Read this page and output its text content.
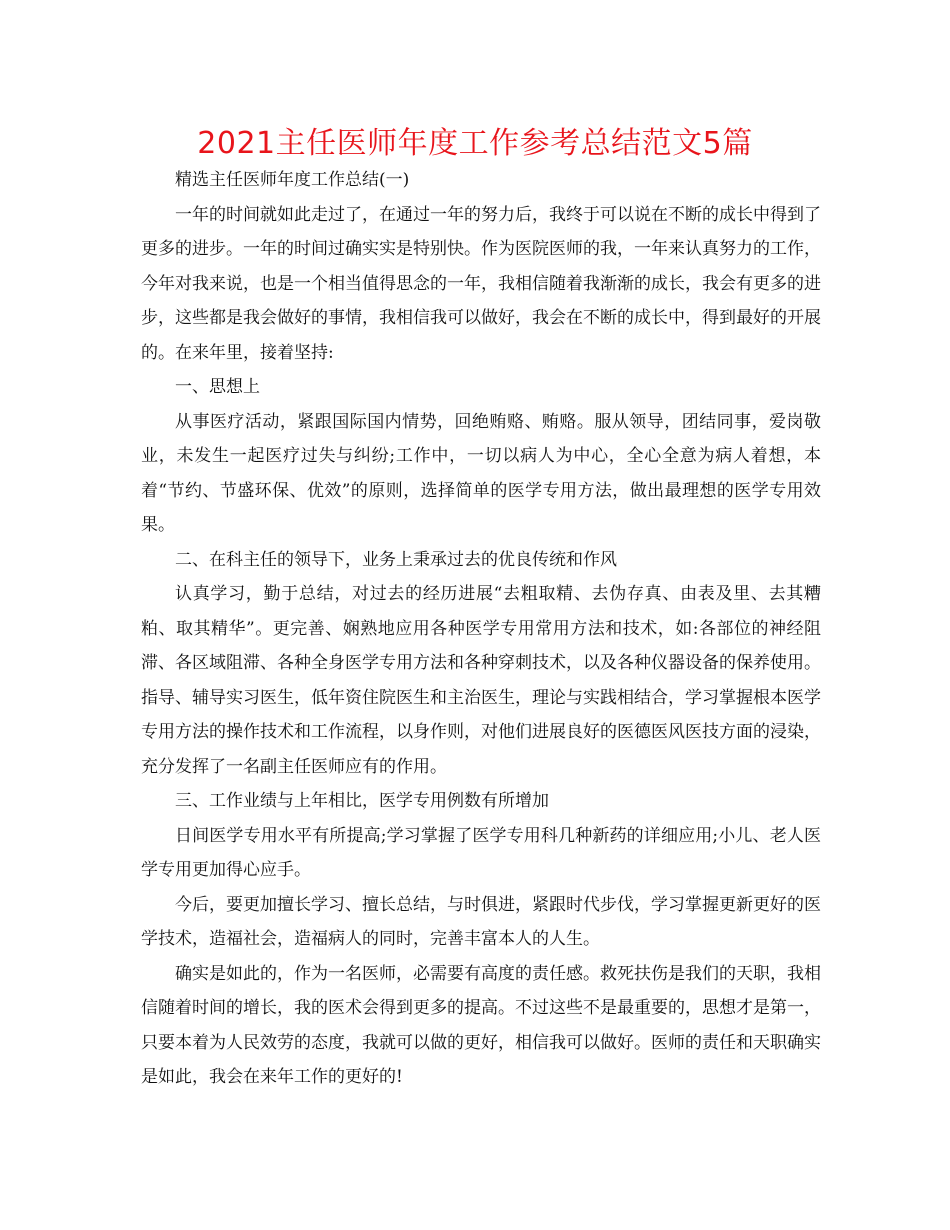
2021主任医师年度工作参考总结范文5篇

精选主任医师年度工作总结(一)

一年的时间就如此走过了，在通过一年的努力后，我终于可以说在不断的成长中得到了更多的进步。一年的时间过确实实是特别快。作为医院医师的我，一年来认真努力的工作，今年对我来说，也是一个相当值得思念的一年，我相信随着我渐渐的成长，我会有更多的进步，这些都是我会做好的事情，我相信我可以做好，我会在不断的成长中，得到最好的开展的。在来年里，接着坚持:

一、思想上

从事医疗活动，紧跟国际国内情势，回绝贿赂、贿赂。服从领导，团结同事，爱岗敬业，未发生一起医疗过失与纠纷;工作中，一切以病人为中心，全心全意为病人着想，本着“节约、节盛环保、优效”的原则，选择简单的医学专用方法，做出最理想的医学专用效果。

二、在科主任的领导下，业务上秉承过去的优良传统和作风

认真学习，勤于总结，对过去的经历进展“去粗取精、去伪存真、由表及里、去其糟粕、取其精华”。更完善、娴熟地应用各种医学专用常用方法和技术，如:各部位的神经阻滞、各区域阻滞、各种全身医学专用方法和各种穿刺技术，以及各种仪器设备的保养使用。指导、辅导实习医生，低年资住院医生和主治医生，理论与实践相结合，学习掌握根本医学专用方法的操作技术和工作流程，以身作则，对他们进展良好的医德医风医技方面的浸染，充分发挥了一名副主任医师应有的作用。

三、工作业绩与上年相比，医学专用例数有所增加

日间医学专用水平有所提高;学习掌握了医学专用科几种新药的详细应用;小儿、老人医学专用更加得心应手。

今后，要更加擅长学习、擅长总结，与时俱进，紧跟时代步伐，学习掌握更新更好的医学技术，造福社会，造福病人的同时，完善丰富本人的人生。

确实是如此的，作为一名医师，必需要有高度的责任感。救死扶伤是我们的天职，我相信随着时间的增长，我的医术会得到更多的提高。不过这些不是最重要的，思想才是第一，只要本着为人民效劳的态度，我就可以做的更好，相信我可以做好。医师的责任和天职确实是如此，我会在来年工作的更好的!
